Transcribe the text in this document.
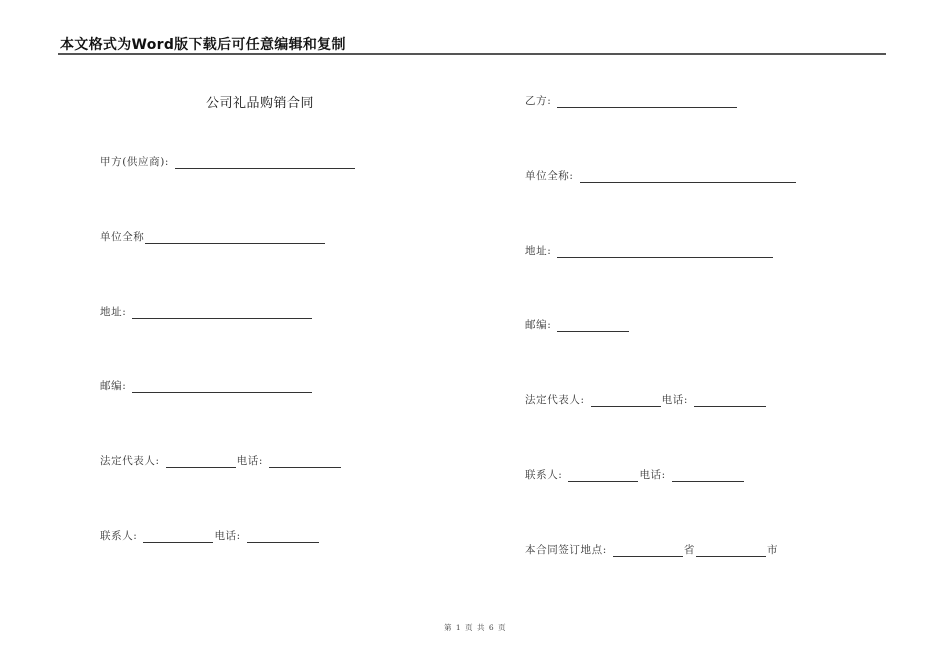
本文格式为Word版下载后可任意编辑和复制
公司礼品购销合同
甲方(供应商):
单位全称
地址:
邮编:
法定代表人:	电话:
联系人:	电话:
乙方:
单位全称:
地址:
邮编:
法定代表人:	电话:
联系人:	电话:
本合同签订地点:	省	市
第 1 页 共 6 页
